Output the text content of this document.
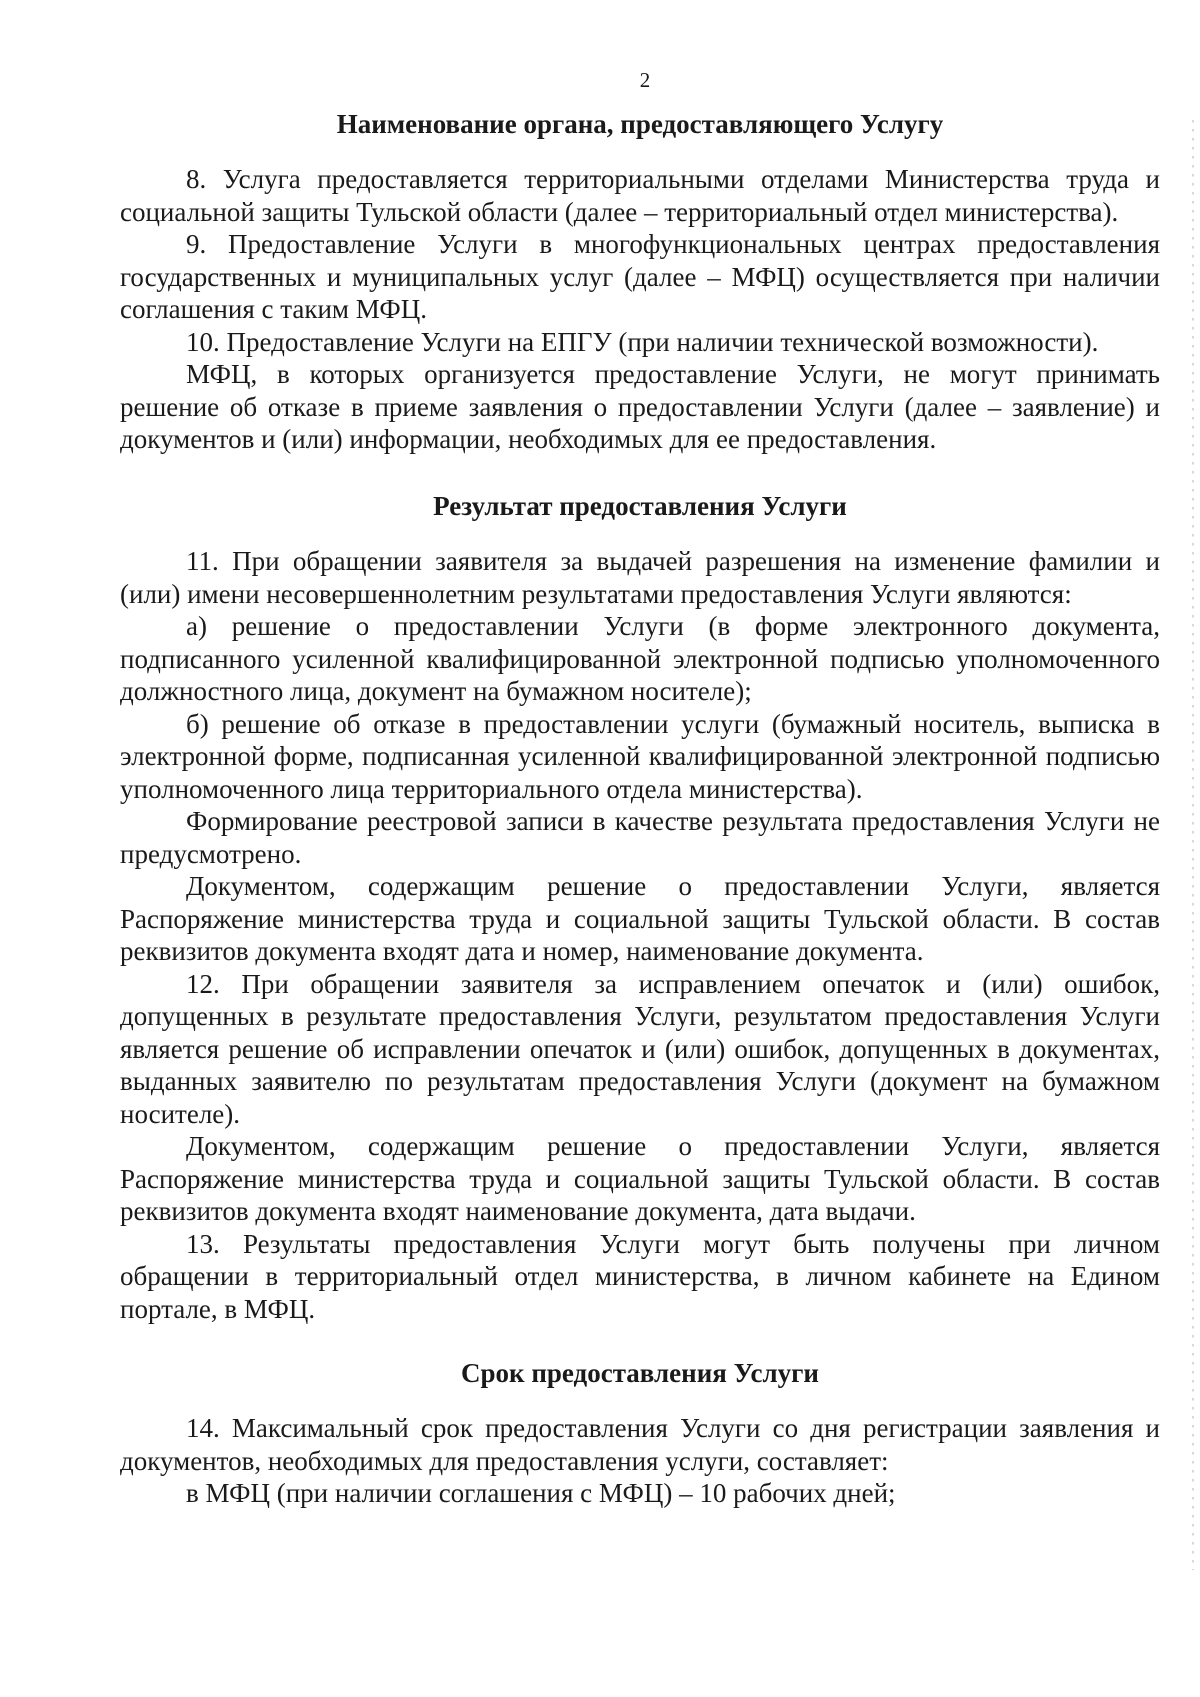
2
Наименование органа, предоставляющего Услугу

8. Услуга предоставляется территориальными отделами Министерства труда и социальной защиты Тульской области (далее – территориальный отдел министерства).

9. Предоставление Услуги в многофункциональных центрах предоставления государственных и муниципальных услуг (далее – МФЦ) осуществляется при наличии соглашения с таким МФЦ.

10. Предоставление Услуги на ЕПГУ (при наличии технической возможности).

МФЦ, в которых организуется предоставление Услуги, не могут принимать решение об отказе в приеме заявления о предоставлении Услуги (далее – заявление) и документов и (или) информации, необходимых для ее предоставления.

Результат предоставления Услуги

11. При обращении заявителя за выдачей разрешения на изменение фамилии и (или) имени несовершеннолетним результатами предоставления Услуги являются:

а) решение о предоставлении Услуги (в форме электронного документа, подписанного усиленной квалифицированной электронной подписью уполномоченного должностного лица, документ на бумажном носителе);

б) решение об отказе в предоставлении услуги (бумажный носитель, выписка в электронной форме, подписанная усиленной квалифицированной электронной подписью уполномоченного лица территориального отдела министерства).

Формирование реестровой записи в качестве результата предоставления Услуги не предусмотрено.

Документом, содержащим решение о предоставлении Услуги, является Распоряжение министерства труда и социальной защиты Тульской области. В состав реквизитов документа входят дата и номер, наименование документа.

12. При обращении заявителя за исправлением опечаток и (или) ошибок, допущенных в результате предоставления Услуги, результатом предоставления Услуги является решение об исправлении опечаток и (или) ошибок, допущенных в документах, выданных заявителю по результатам предоставления Услуги (документ на бумажном носителе).

Документом, содержащим решение о предоставлении Услуги, является Распоряжение министерства труда и социальной защиты Тульской области. В состав реквизитов документа входят наименование документа, дата выдачи.

13. Результаты предоставления Услуги могут быть получены при личном обращении в территориальный отдел министерства, в личном кабинете на Едином портале, в МФЦ.

Срок предоставления Услуги

14. Максимальный срок предоставления Услуги со дня регистрации заявления и документов, необходимых для предоставления услуги, составляет:

в МФЦ (при наличии соглашения с МФЦ) – 10 рабочих дней;
